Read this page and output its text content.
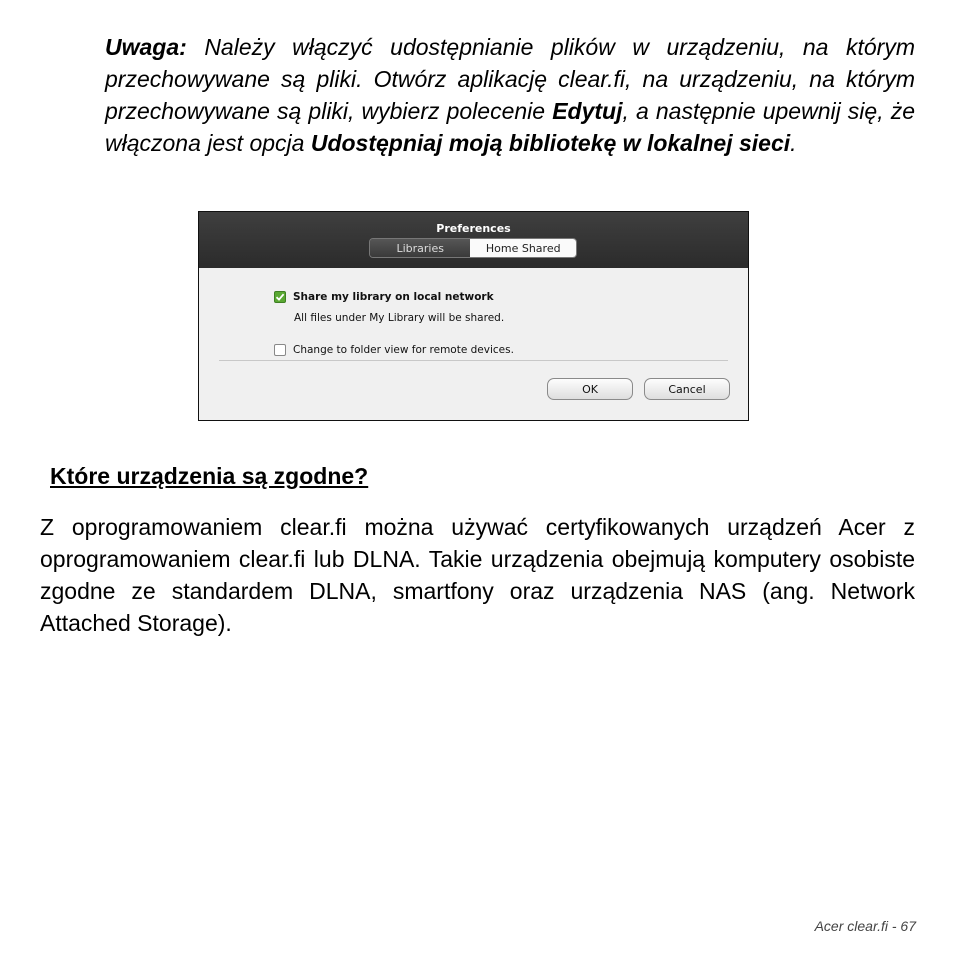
Uwaga: Należy włączyć udostępnianie plików w urządzeniu, na którym przechowywane są pliki. Otwórz aplikację clear.fi, na urządzeniu, na którym przechowywane są pliki, wybierz polecenie Edytuj, a następnie upewnij się, że włączona jest opcja Udostępniaj moją bibliotekę w lokalnej sieci.

Preferences
Libraries	Home Shared
Share my library on local network
All files under My Library will be shared.
Change to folder view for remote devices.
OK	Cancel
Które urządzenia są zgodne?

Z oprogramowaniem clear.fi można używać certyfikowanych urządzeń Acer z oprogramowaniem clear.fi lub DLNA. Takie urządzenia obejmują komputery osobiste zgodne ze standardem DLNA, smartfony oraz urządzenia NAS (ang. Network Attached Storage).

Acer clear.fi - 67
